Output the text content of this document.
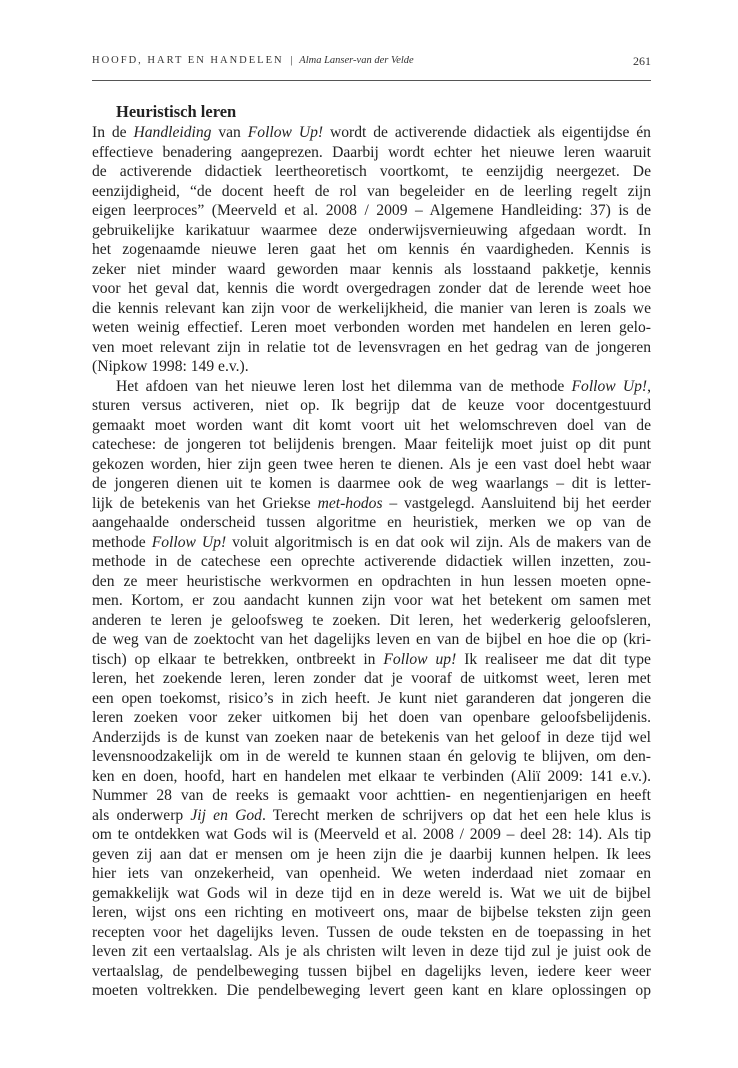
HOOFD, HART EN HANDELEN | Alma Lanser-van der Velde	261
Heuristisch leren
In de Handleiding van Follow Up! wordt de activerende didactiek als eigentijdse én
effectieve benadering aangeprezen. Daarbij wordt echter het nieuwe leren waaruit
de activerende didactiek leertheoretisch voortkomt, te eenzijdig neergezet. De
eenzijdigheid, “de docent heeft de rol van begeleider en de leerling regelt zijn
eigen leerproces” (Meerveld et al. 2008 / 2009 – Algemene Handleiding: 37) is de
gebruikelijke karikatuur waarmee deze onderwijsvernieuwing afgedaan wordt. In
het zogenaamde nieuwe leren gaat het om kennis én vaardigheden. Kennis is
zeker niet minder waard geworden maar kennis als losstaand pakketje, kennis
voor het geval dat, kennis die wordt overgedragen zonder dat de lerende weet hoe
die kennis relevant kan zijn voor de werkelijkheid, die manier van leren is zoals we
weten weinig effectief. Leren moet verbonden worden met handelen en leren gelo-
ven moet relevant zijn in relatie tot de levensvragen en het gedrag van de jongeren
(Nipkow 1998: 149 e.v.).
Het afdoen van het nieuwe leren lost het dilemma van de methode Follow Up!,
sturen versus activeren, niet op. Ik begrijp dat de keuze voor docentgestuurd
gemaakt moet worden want dit komt voort uit het welomschreven doel van de
catechese: de jongeren tot belijdenis brengen. Maar feitelijk moet juist op dit punt
gekozen worden, hier zijn geen twee heren te dienen. Als je een vast doel hebt waar
de jongeren dienen uit te komen is daarmee ook de weg waarlangs – dit is letter-
lijk de betekenis van het Griekse met-hodos – vastgelegd. Aansluitend bij het eerder
aangehaalde onderscheid tussen algoritme en heuristiek, merken we op van de
methode Follow Up! voluit algoritmisch is en dat ook wil zijn. Als de makers van de
methode in de catechese een oprechte activerende didactiek willen inzetten, zou-
den ze meer heuristische werkvormen en opdrachten in hun lessen moeten opne-
men. Kortom, er zou aandacht kunnen zijn voor wat het betekent om samen met
anderen te leren je geloofsweg te zoeken. Dit leren, het wederkerig geloofsleren,
de weg van de zoektocht van het dagelijks leven en van de bijbel en hoe die op (kri-
tisch) op elkaar te betrekken, ontbreekt in Follow up! Ik realiseer me dat dit type
leren, het zoekende leren, leren zonder dat je vooraf de uitkomst weet, leren met
een open toekomst, risico’s in zich heeft. Je kunt niet garanderen dat jongeren die
leren zoeken voor zeker uitkomen bij het doen van openbare geloofsbelijdenis.
Anderzijds is de kunst van zoeken naar de betekenis van het geloof in deze tijd wel
levensnoodzakelijk om in de wereld te kunnen staan én gelovig te blijven, om den-
ken en doen, hoofd, hart en handelen met elkaar te verbinden (Aliï 2009: 141 e.v.).
Nummer 28 van de reeks is gemaakt voor achttien- en negentienjarigen en heeft
als onderwerp Jij en God. Terecht merken de schrijvers op dat het een hele klus is
om te ontdekken wat Gods wil is (Meerveld et al. 2008 / 2009 – deel 28: 14). Als tip
geven zij aan dat er mensen om je heen zijn die je daarbij kunnen helpen. Ik lees
hier iets van onzekerheid, van openheid. We weten inderdaad niet zomaar en
gemakkelijk wat Gods wil in deze tijd en in deze wereld is. Wat we uit de bijbel
leren, wijst ons een richting en motiveert ons, maar de bijbelse teksten zijn geen
recepten voor het dagelijks leven. Tussen de oude teksten en de toepassing in het
leven zit een vertaalslag. Als je als christen wilt leven in deze tijd zul je juist ook de
vertaalslag, de pendelbeweging tussen bijbel en dagelijks leven, iedere keer weer
moeten voltrekken. Die pendelbeweging levert geen kant en klare oplossingen op
